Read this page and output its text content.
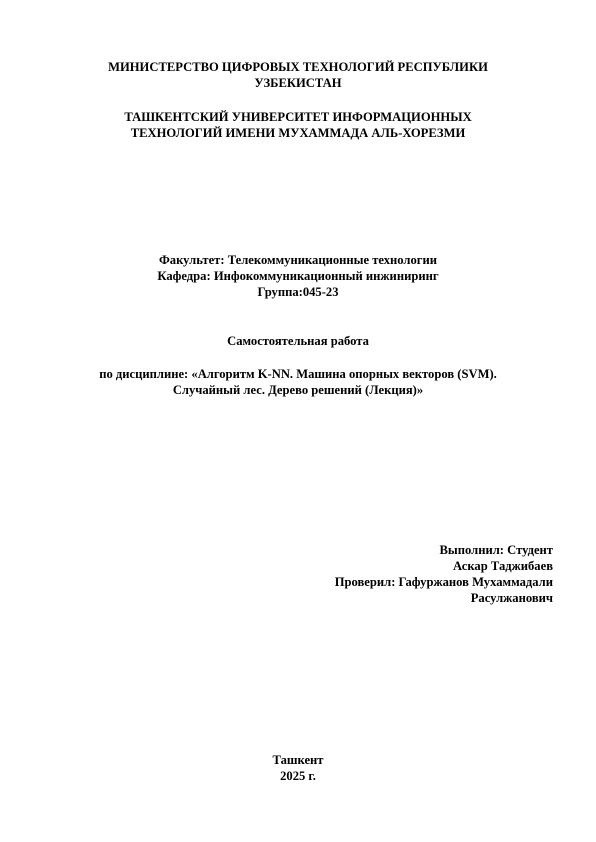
МИНИСТЕРСТВО ЦИФРОВЫХ ТЕХНОЛОГИЙ РЕСПУБЛИКИ
УЗБЕКИСТАН
ТАШКЕНТСКИЙ УНИВЕРСИТЕТ ИНФОРМАЦИОННЫХ
ТЕХНОЛОГИЙ ИМЕНИ МУХАММАДА АЛЬ-ХОРЕЗМИ
Факультет: Телекоммуникационные технологии
Кафедра: Инфокоммуникационный инжиниринг
Группа:045-23
Самостоятельная работа
по дисциплине: «Алгоритм K-NN. Машина опорных векторов (SVM).
Случайный лес. Дерево решений (Лекция)»
Выполнил: Студент
Аскар Таджибаев
Проверил: Гафуржанов Мухаммадали
Расулжанович
Ташкент
2025 г.
